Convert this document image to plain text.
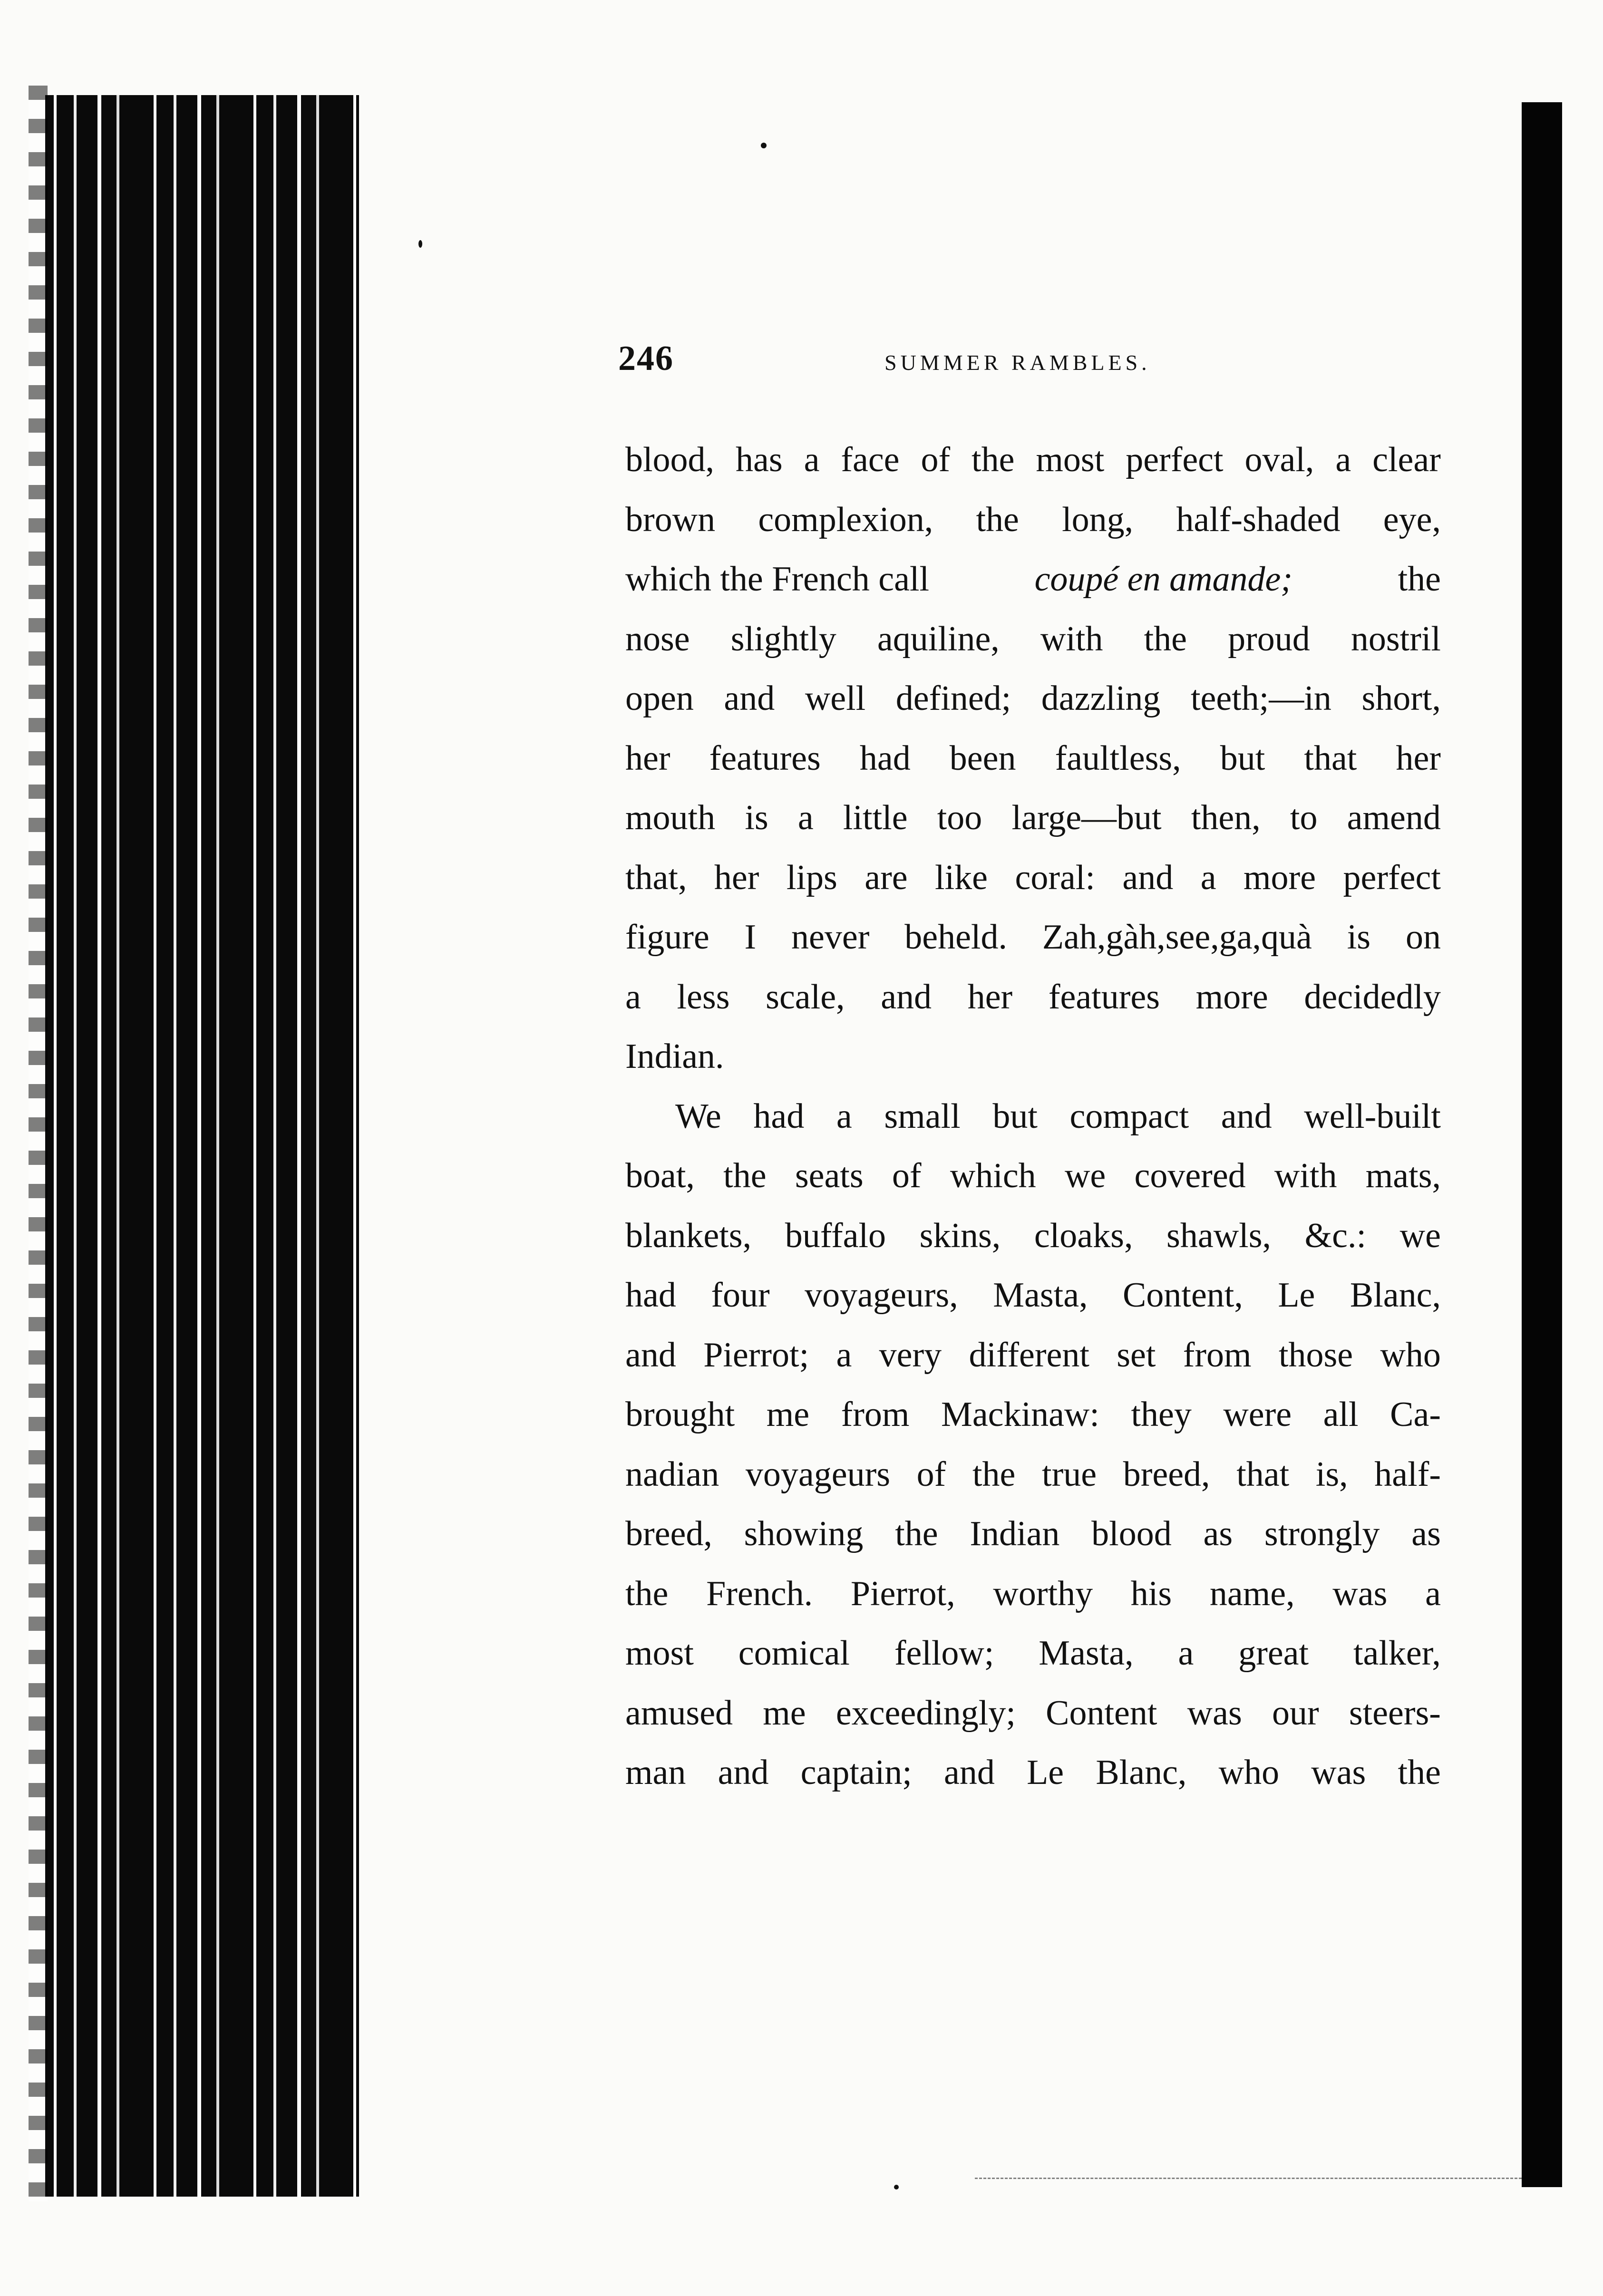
246	SUMMER RAMBLES.
blood, has a face of the most perfect oval, a clear
brown complexion, the long, half-shaded eye,
which the French call	coupé en amande;	the
nose slightly aquiline, with the proud nostril
open and well defined; dazzling teeth;—in short,
her features had been faultless, but that her
mouth is a little too large—but then, to amend
that, her lips are like coral: and a more perfect
figure I never beheld. Zah,gàh,see,ga,quà is on
a less scale, and her features more decidedly
Indian.
We had a small but compact and well-built
boat, the seats of which we covered with mats,
blankets, buffalo skins, cloaks, shawls, &c.: we
had four voyageurs, Masta, Content, Le Blanc,
and Pierrot; a very different set from those who
brought me from Mackinaw: they were all Ca-
nadian voyageurs of the true breed, that is, half-
breed, showing the Indian blood as strongly as
the French. Pierrot, worthy his name, was a
most comical fellow; Masta, a great talker,
amused me exceedingly; Content was our steers-
man and captain; and Le Blanc, who was the
